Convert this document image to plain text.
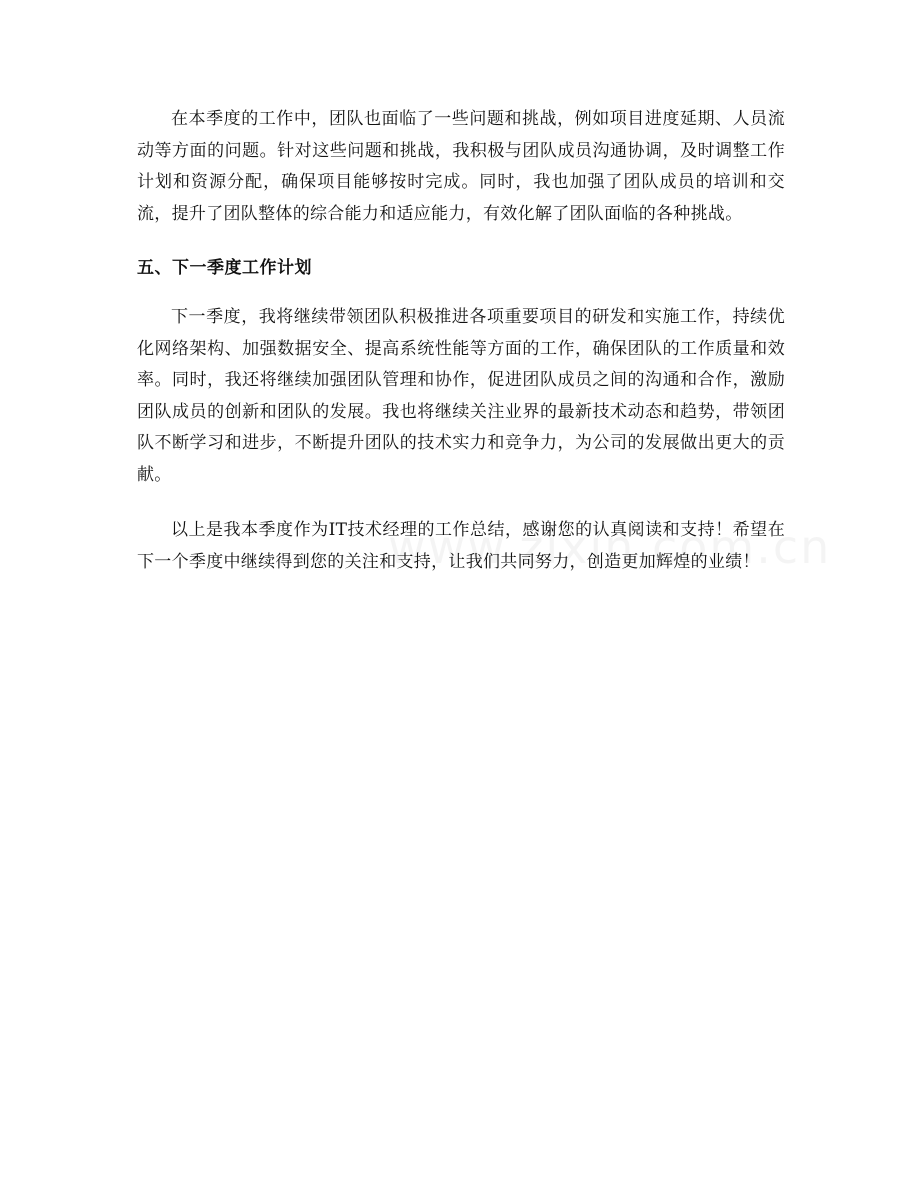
在本季度的工作中，团队也面临了一些问题和挑战，例如项目进度延期、人员流动等方面的问题。针对这些问题和挑战，我积极与团队成员沟通协调，及时调整工作计划和资源分配，确保项目能够按时完成。同时，我也加强了团队成员的培训和交流，提升了团队整体的综合能力和适应能力，有效化解了团队面临的各种挑战。

五、下一季度工作计划

下一季度，我将继续带领团队积极推进各项重要项目的研发和实施工作，持续优化网络架构、加强数据安全、提高系统性能等方面的工作，确保团队的工作质量和效率。同时，我还将继续加强团队管理和协作，促进团队成员之间的沟通和合作，激励团队成员的创新和团队的发展。我也将继续关注业界的最新技术动态和趋势，带领团队不断学习和进步，不断提升团队的技术实力和竞争力，为公司的发展做出更大的贡献。

以上是我本季度作为IT技术经理的工作总结，感谢您的认真阅读和支持！希望在下一个季度中继续得到您的关注和支持，让我们共同努力，创造更加辉煌的业绩！
